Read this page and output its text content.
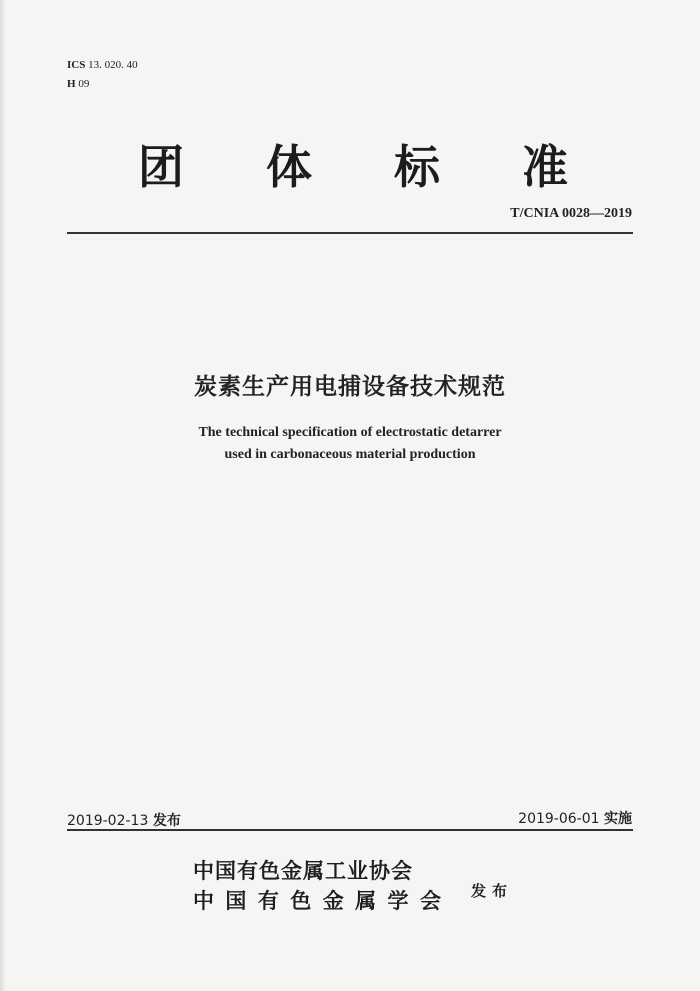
ICS 13. 020. 40
H 09
团 体 标 准
T/CNIA 0028—2019
炭素生产用电捕设备技术规范
The technical specification of electrostatic detarrer
used in carbonaceous material production
2019-02-13 发布	2019-06-01 实施
中国有色金属工业协会
中 国 有 色 金 属 学 会 发布
